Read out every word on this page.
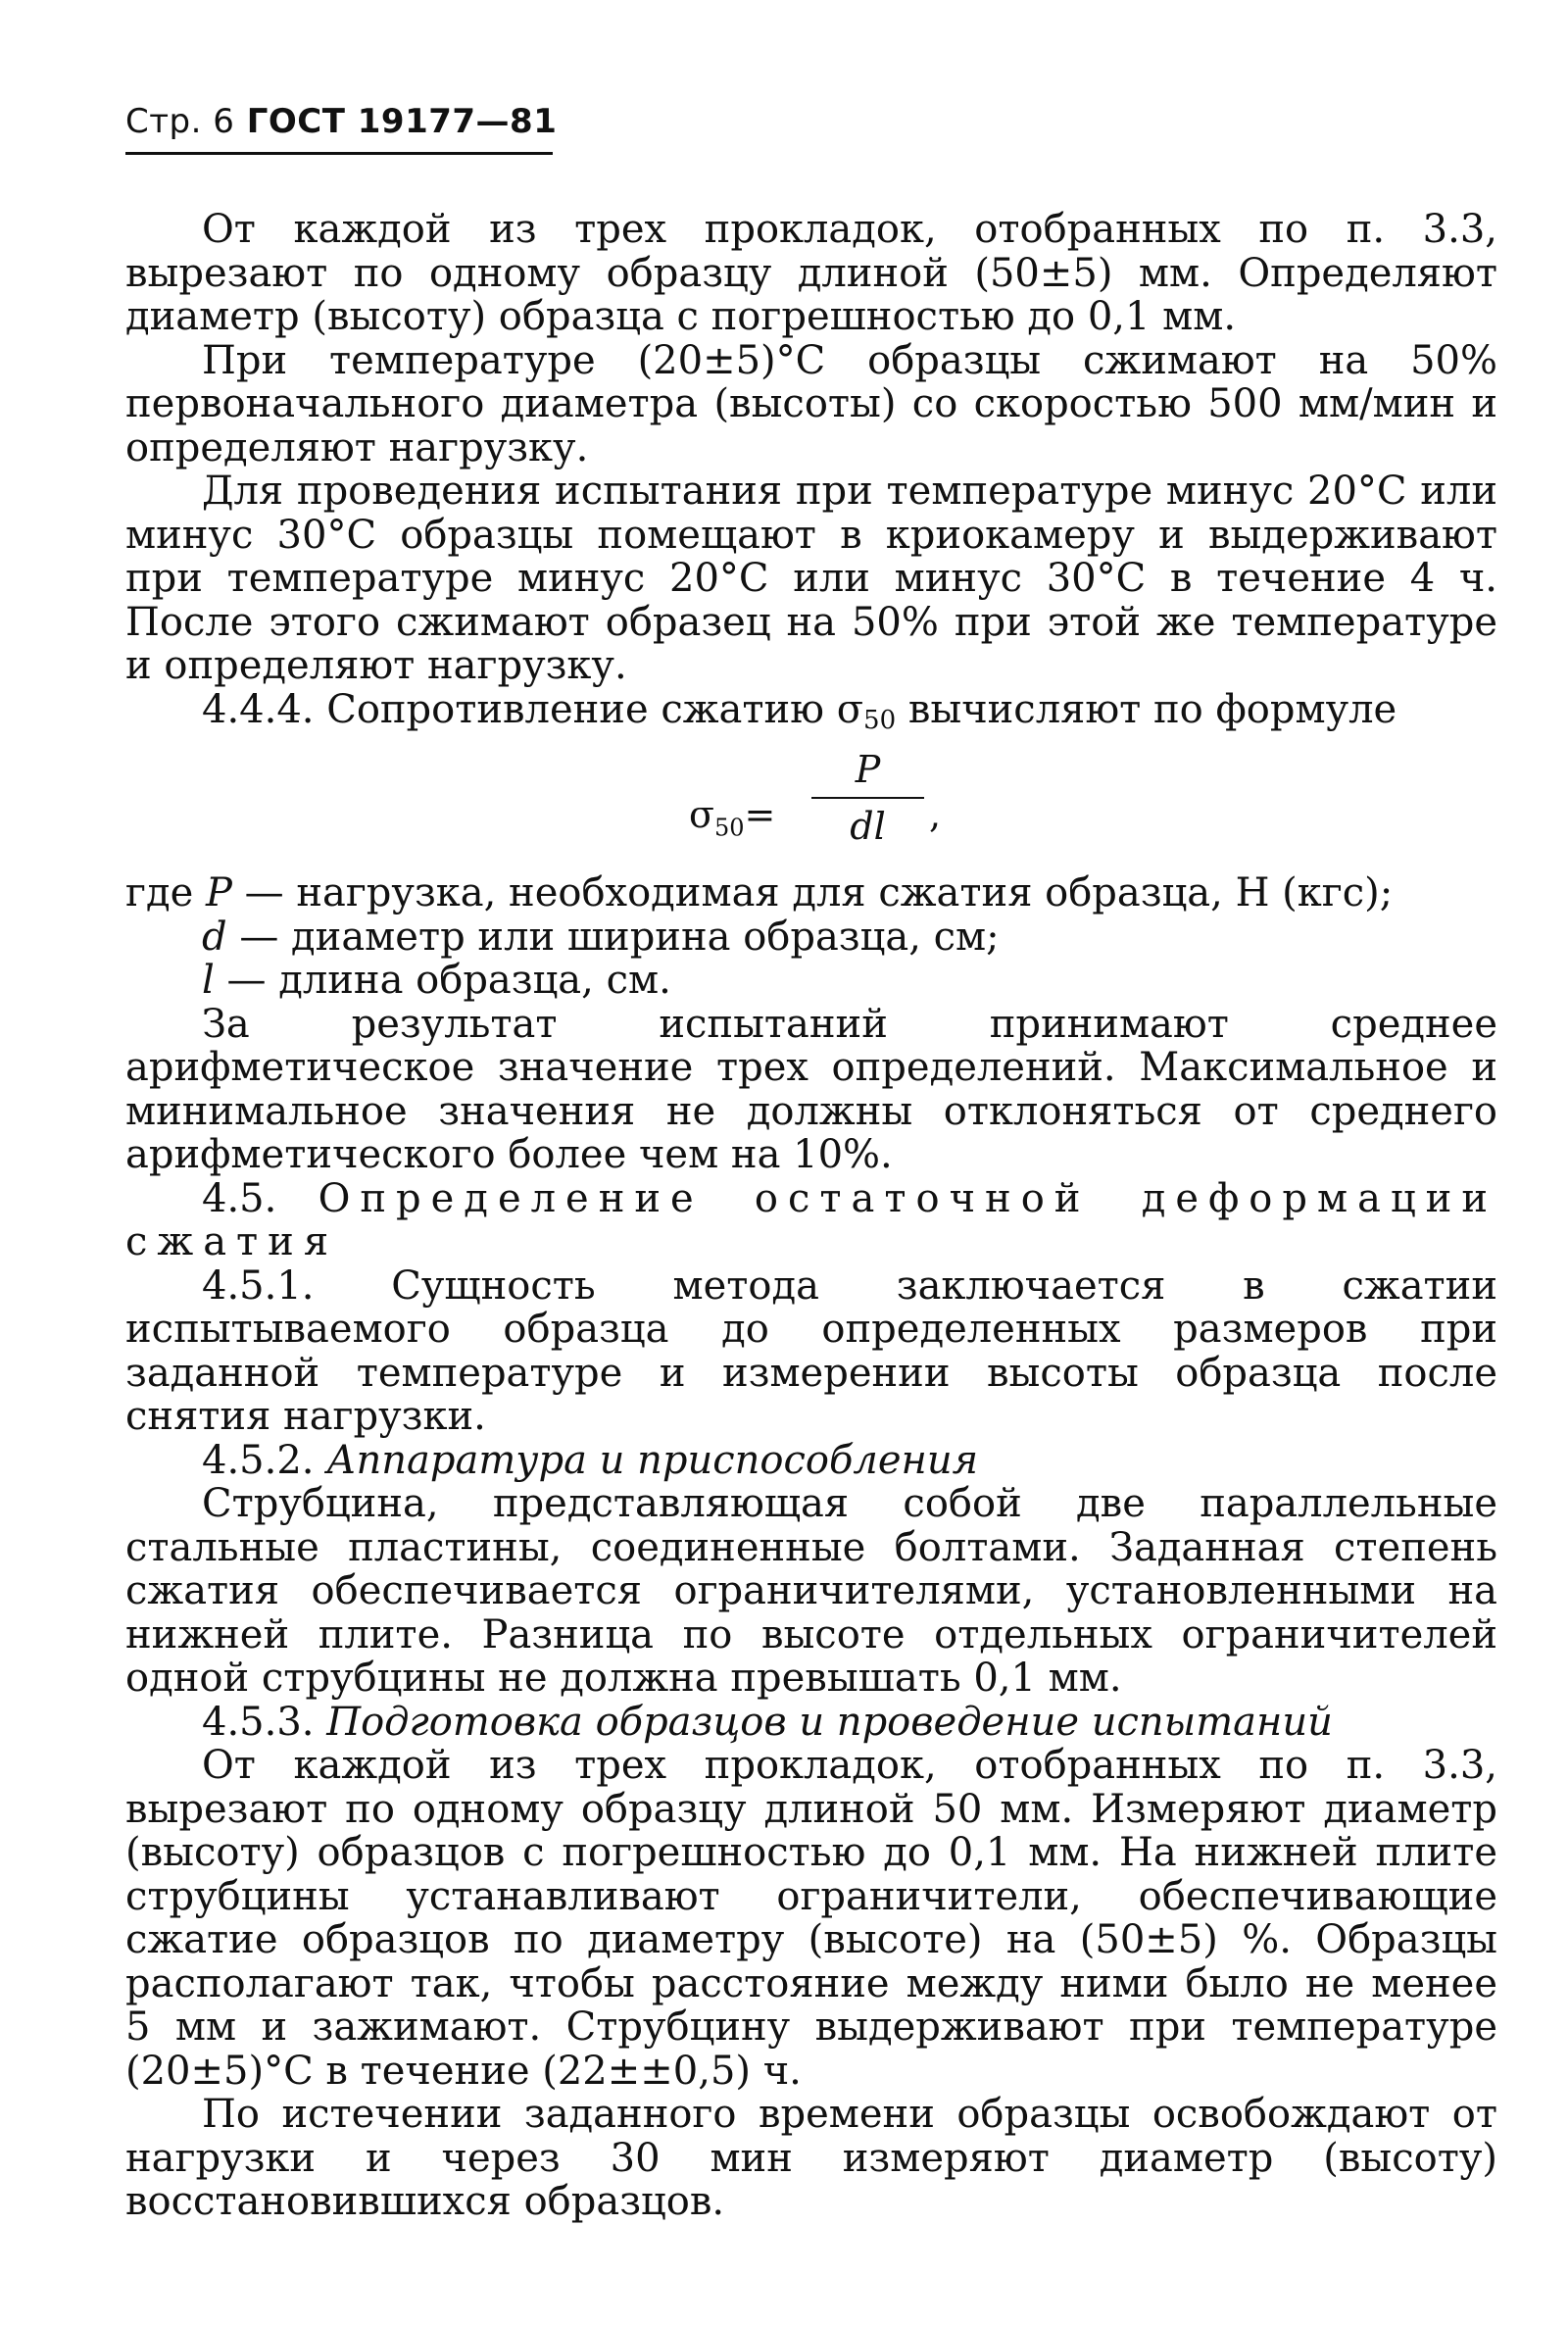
Стр. 6 ГОСТ 19177—81

От каждой из трех прокладок, отобранных по п. 3.3, вырезают по одному образцу длиной (50±5) мм. Определяют диаметр (высоту) образца с погрешностью до 0,1 мм.

При температуре (20±5)°С образцы сжимают на 50% первоначального диаметра (высоты) со скоростью 500 мм/мин и определяют нагрузку.

Для проведения испытания при температуре минус 20°С или минус 30°С образцы помещают в криокамеру и выдерживают при температуре минус 20°С или минус 30°С в течение 4 ч. После этого сжимают образец на 50% при этой же температуре и определяют нагрузку.

4.4.4. Сопротивление сжатию $\sigma_{50}$ вычисляют по формуле

$\sigma_{50}=$
P
dl	,
где P — нагрузка, необходимая для сжатия образца, Н (кгс);
d — диаметр или ширина образца, см;
l — длина образца, см.

За результат испытаний принимают среднее арифметическое значение трех определений. Максимальное и минимальное значения не должны отклоняться от среднего арифметического более чем на 10%.

4.5. Определение остаточной деформации сжатия

4.5.1. Сущность метода заключается в сжатии испытываемого образца до определенных размеров при заданной температуре и измерении высоты образца после снятия нагрузки.

4.5.2. Аппаратура и приспособления

Струбцина, представляющая собой две параллельные стальные пластины, соединенные болтами. Заданная степень сжатия обеспечивается ограничителями, установленными на нижней плите. Разница по высоте отдельных ограничителей одной струбцины не должна превышать 0,1 мм.

4.5.3. Подготовка образцов и проведение испытаний

От каждой из трех прокладок, отобранных по п. 3.3, вырезают по одному образцу длиной 50 мм. Измеряют диаметр (высоту) образцов с погрешностью до 0,1 мм. На нижней плите струбцины устанавливают ограничители, обеспечивающие сжатие образцов по диаметру (высоте) на (50±5) %. Образцы располагают так, чтобы расстояние между ними было не менее 5 мм и зажимают. Струбцину выдерживают при температуре (20±5)°С в течение (22±±0,5) ч.

По истечении заданного времени образцы освобождают от нагрузки и через 30 мин измеряют диаметр (высоту) восстановившихся образцов.
